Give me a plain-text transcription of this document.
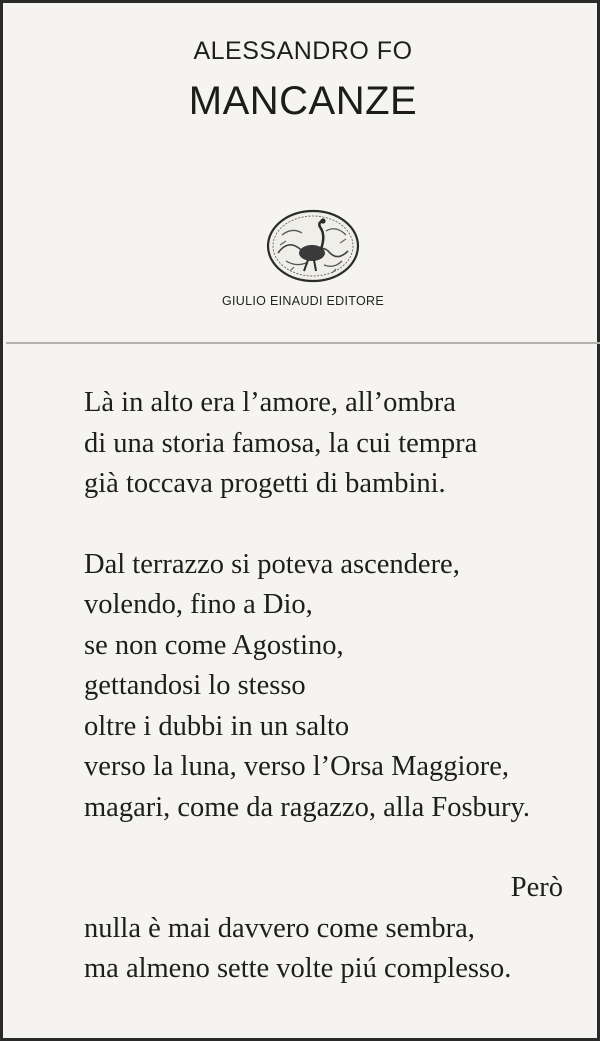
ALESSANDRO FO
MANCANZE
GIULIO EINAUDI EDITORE
Là in alto era l’amore, all’ombra
di una storia famosa, la cui tempra
già toccava progetti di bambini.
Dal terrazzo si poteva ascendere,
volendo, fino a Dio,
se non come Agostino,
gettandosi lo stesso
oltre i dubbi in un salto
verso la luna, verso l’Orsa Maggiore,
magari, come da ragazzo, alla Fosbury.
Però
nulla è mai davvero come sembra,
ma almeno sette volte piú complesso.
